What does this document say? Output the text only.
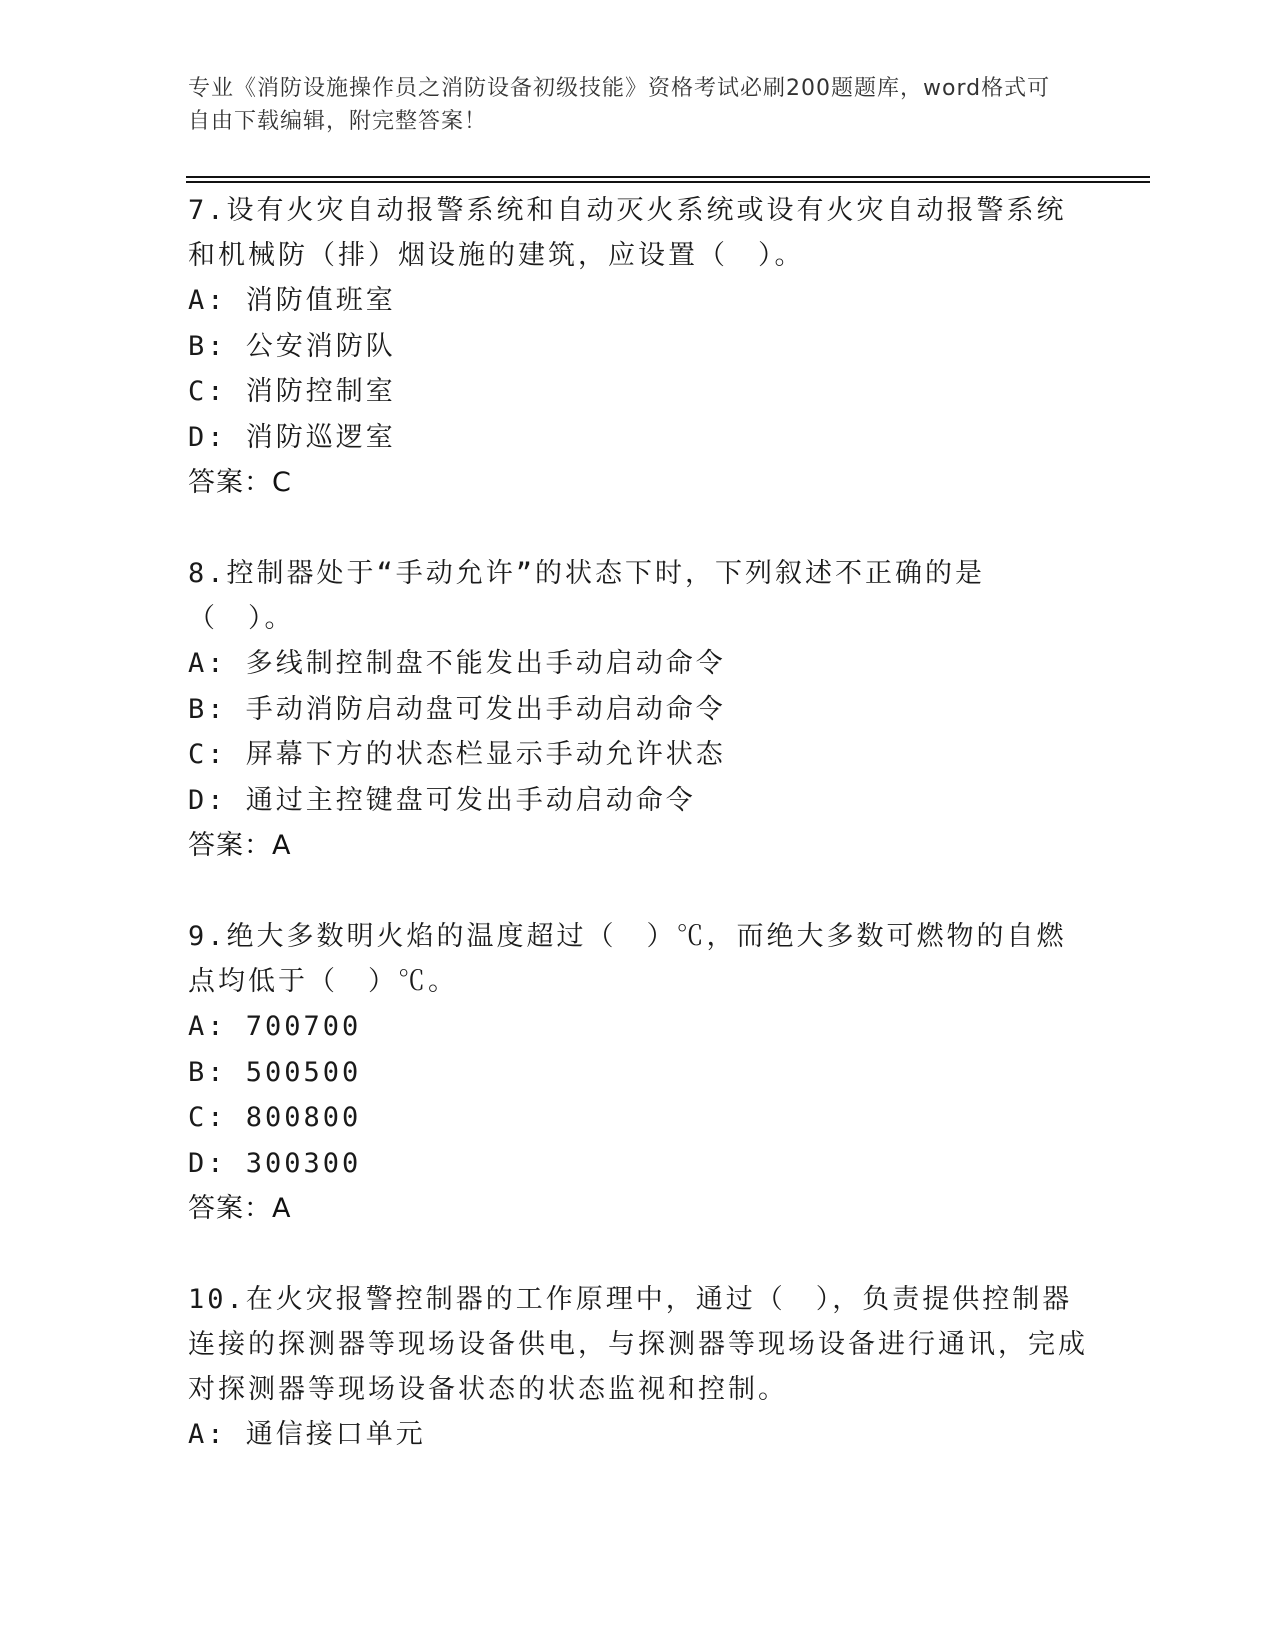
专业《消防设施操作员之消防设备初级技能》资格考试必刷200题题库，word格式可自由下载编辑，附完整答案！

7.设有火灾自动报警系统和自动灭火系统或设有火灾自动报警系统和机械防（排）烟设施的建筑，应设置（　）。

A: 消防值班室

B: 公安消防队

C: 消防控制室

D: 消防巡逻室

答案：C

8.控制器处于“手动允许”的状态下时，下列叙述不正确的是（　）。

A: 多线制控制盘不能发出手动启动命令

B: 手动消防启动盘可发出手动启动命令

C: 屏幕下方的状态栏显示手动允许状态

D: 通过主控键盘可发出手动启动命令

答案：A

9.绝大多数明火焰的温度超过（　）℃，而绝大多数可燃物的自燃点均低于（　）℃。

A: 700700

B: 500500

C: 800800

D: 300300

答案：A

10.在火灾报警控制器的工作原理中，通过（　），负责提供控制器连接的探测器等现场设备供电，与探测器等现场设备进行通讯，完成对探测器等现场设备状态的状态监视和控制。

A: 通信接口单元
